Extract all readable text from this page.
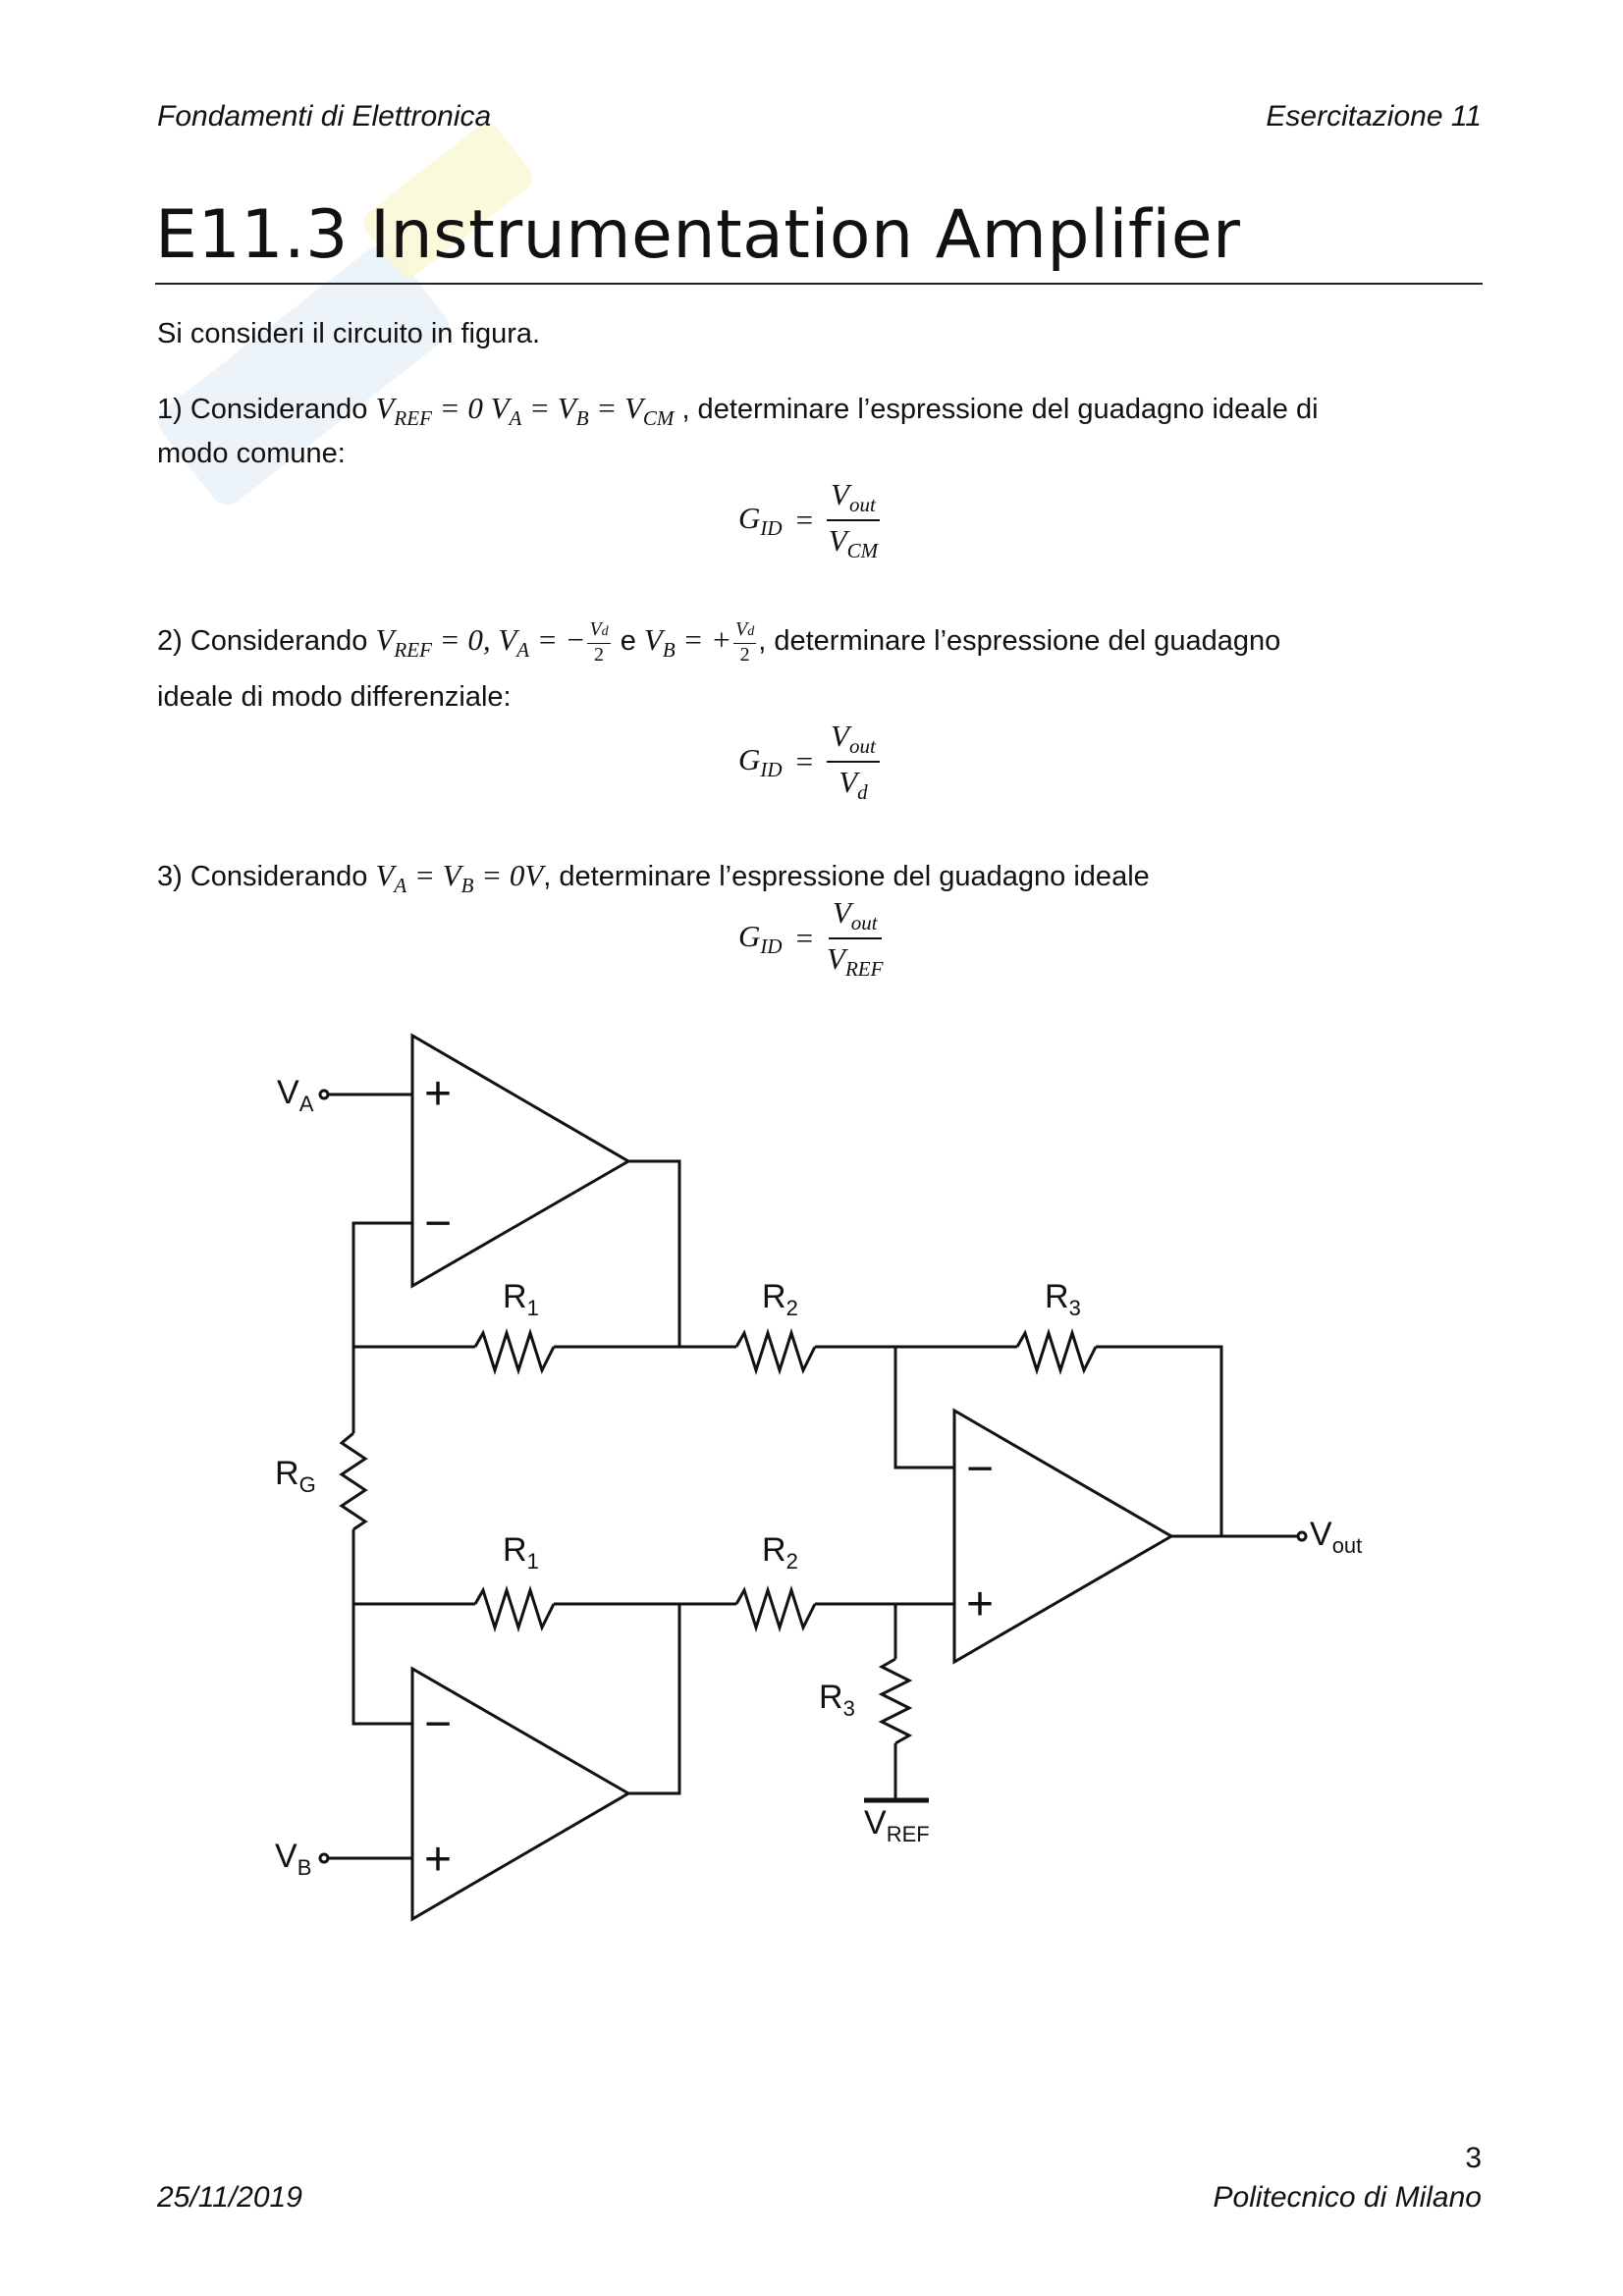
Fondamenti di Elettronica	Esercitazione 11
E11.3 Instrumentation Amplifier
Si consideri il circuito in figura.
1) Considerando $V_{REF} = 0$ $V_A = V_B = V_{CM}$ , determinare l’espressione del guadagno ideale di
modo comune:
$G_{ID} = \frac{V_{out}}{V_{CM}}$
2) Considerando $V_{REF} = 0$, $V_A$ = − $\frac{Vd}{2}$ e $V_B$ = + $\frac{Vd}{2}$ , determinare l’espressione del guadagno
ideale di modo differenziale:
$G_{ID} = \frac{V_{out}}{V_d}$
3) Considerando $V_A = V_B = 0V$, determinare l’espressione del guadagno ideale
$G_{ID} = \frac{V_{out}}{V_{REF}}$
+
−
−
+
−
+
$V_A$
$V_B$
$V_{out}$
$V_{REF}$
$R_G$
$R_1$	$R_2$	$R_3$
$R_1$	$R_2$
$R_3$
3
25/11/2019	Politecnico di Milano
